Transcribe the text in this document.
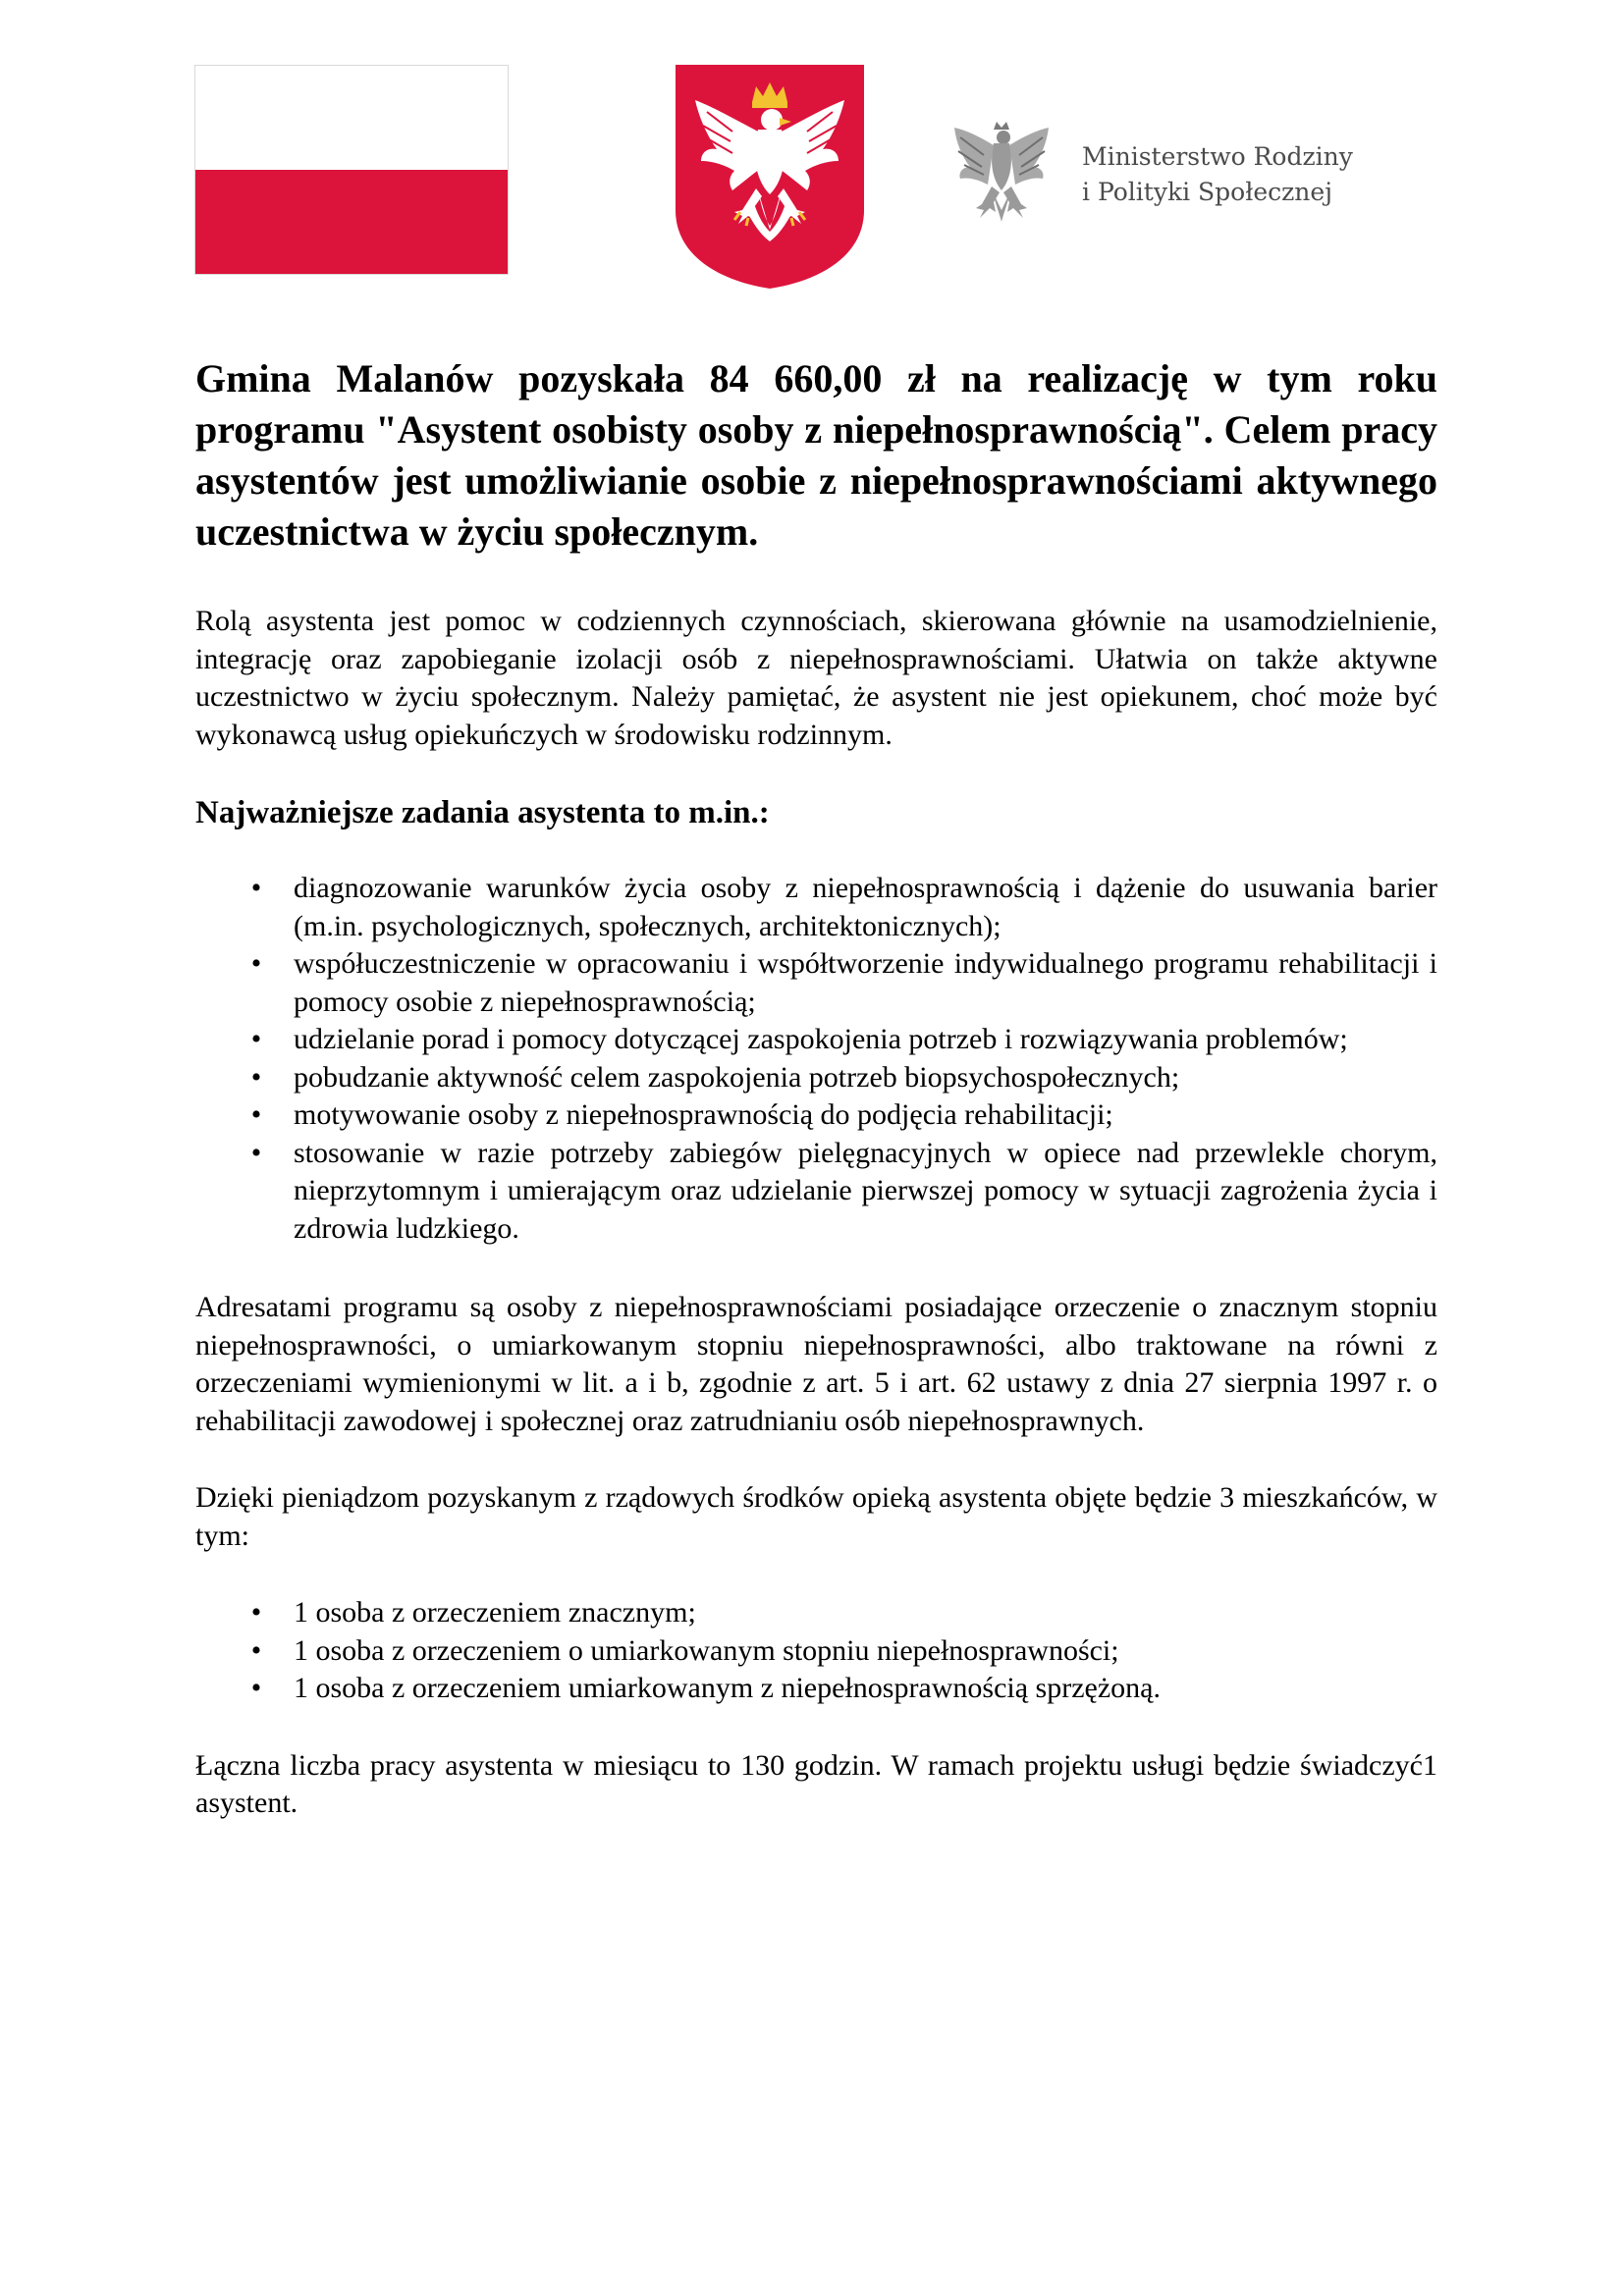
Ministerstwo Rodziny
i Polityki Społecznej

Gmina Malanów pozyskała 84 660,00 zł na realizację w tym roku programu "Asystent osobisty osoby z niepełnosprawnością". Celem pracy asystentów jest umożliwianie osobie z niepełnosprawnościami aktywnego uczestnictwa w życiu społecznym.

Rolą asystenta jest pomoc w codziennych czynnościach, skierowana głównie na usamodzielnienie, integrację oraz zapobieganie izolacji osób z niepełnosprawnościami. Ułatwia on także aktywne uczestnictwo w życiu społecznym. Należy pamiętać, że asystent nie jest opiekunem, choć może być wykonawcą usług opiekuńczych w środowisku rodzinnym.

Najważniejsze zadania asystenta to m.in.:

• diagnozowanie warunków życia osoby z niepełnosprawnością i dążenie do usuwania barier (m.in. psychologicznych, społecznych, architektonicznych);
• współuczestniczenie w opracowaniu i współtworzenie indywidualnego programu rehabilitacji i pomocy osobie z niepełnosprawnością;
• udzielanie porad i pomocy dotyczącej zaspokojenia potrzeb i rozwiązywania problemów;
• pobudzanie aktywność celem zaspokojenia potrzeb biopsychospołecznych;
• motywowanie osoby z niepełnosprawnością do podjęcia rehabilitacji;
• stosowanie w razie potrzeby zabiegów pielęgnacyjnych w opiece nad przewlekle chorym, nieprzytomnym i umierającym oraz udzielanie pierwszej pomocy w sytuacji zagrożenia życia i zdrowia ludzkiego.

Adresatami programu są osoby z niepełnosprawnościami posiadające orzeczenie o znacznym stopniu niepełnosprawności, o umiarkowanym stopniu niepełnosprawności, albo traktowane na równi z orzeczeniami wymienionymi w lit. a i b, zgodnie z art. 5 i art. 62 ustawy z dnia 27 sierpnia 1997 r. o rehabilitacji zawodowej i społecznej oraz zatrudnianiu osób niepełnosprawnych.

Dzięki pieniądzom pozyskanym z rządowych środków opieką asystenta objęte będzie 3 mieszkańców, w tym:

• 1 osoba z orzeczeniem znacznym;
• 1 osoba z orzeczeniem o umiarkowanym stopniu niepełnosprawności;
• 1 osoba z orzeczeniem umiarkowanym z niepełnosprawnością sprzężoną.

Łączna liczba pracy asystenta w miesiącu to 130 godzin. W ramach projektu usługi będzie świadczyć1 asystent.
